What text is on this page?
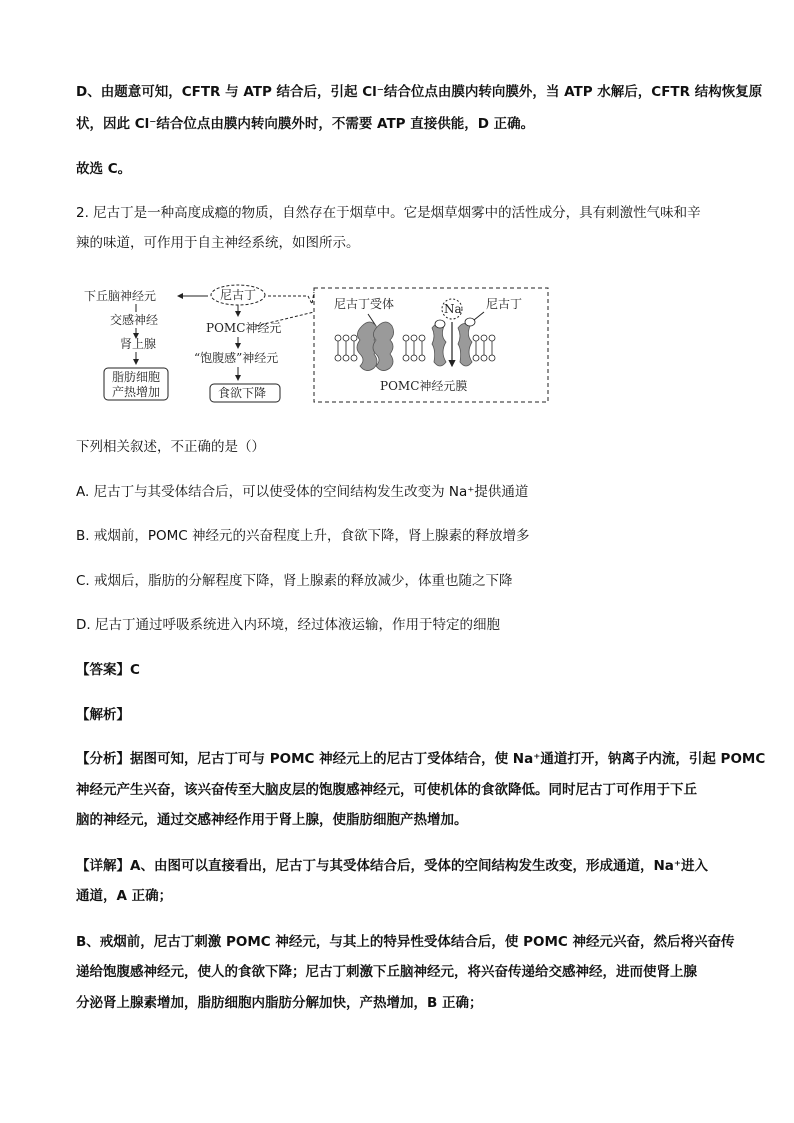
D、由题意可知，CFTR 与 ATP 结合后，引起 Cl⁻结合位点由膜内转向膜外，当 ATP 水解后，CFTR 结构恢复原
状，因此 Cl⁻结合位点由膜内转向膜外时，不需要 ATP 直接供能，D 正确。
故选 C。
2. 尼古丁是一种高度成瘾的物质，自然存在于烟草中。它是烟草烟雾中的活性成分，具有刺激性气味和辛
辣的味道，可作用于自主神经系统，如图所示。
下丘脑神经元	尼古丁
交感神经
肾上腺
脂肪细胞
产热增加
POMC神经元
“饱腹感”神经元
食欲下降
尼古丁受体	Na 尼古丁
POMC神经元膜
下列相关叙述，不正确的是（）
A. 尼古丁与其受体结合后，可以使受体的空间结构发生改变为 Na⁺提供通道
B. 戒烟前，POMC 神经元的兴奋程度上升，食欲下降，肾上腺素的释放增多
C. 戒烟后，脂肪的分解程度下降，肾上腺素的释放减少，体重也随之下降
D. 尼古丁通过呼吸系统进入内环境，经过体液运输，作用于特定的细胞
【答案】C
【解析】
【分析】据图可知，尼古丁可与 POMC 神经元上的尼古丁受体结合，使 Na⁺通道打开，钠离子内流，引起 POMC
神经元产生兴奋，该兴奋传至大脑皮层的饱腹感神经元，可使机体的食欲降低。同时尼古丁可作用于下丘
脑的神经元，通过交感神经作用于肾上腺，使脂肪细胞产热增加。
【详解】A、由图可以直接看出，尼古丁与其受体结合后，受体的空间结构发生改变，形成通道，Na⁺进入
通道，A 正确；
B、戒烟前，尼古丁刺激 POMC 神经元，与其上的特异性受体结合后，使 POMC 神经元兴奋，然后将兴奋传
递给饱腹感神经元，使人的食欲下降；尼古丁刺激下丘脑神经元，将兴奋传递给交感神经，进而使肾上腺
分泌肾上腺素增加，脂肪细胞内脂肪分解加快，产热增加，B 正确；
